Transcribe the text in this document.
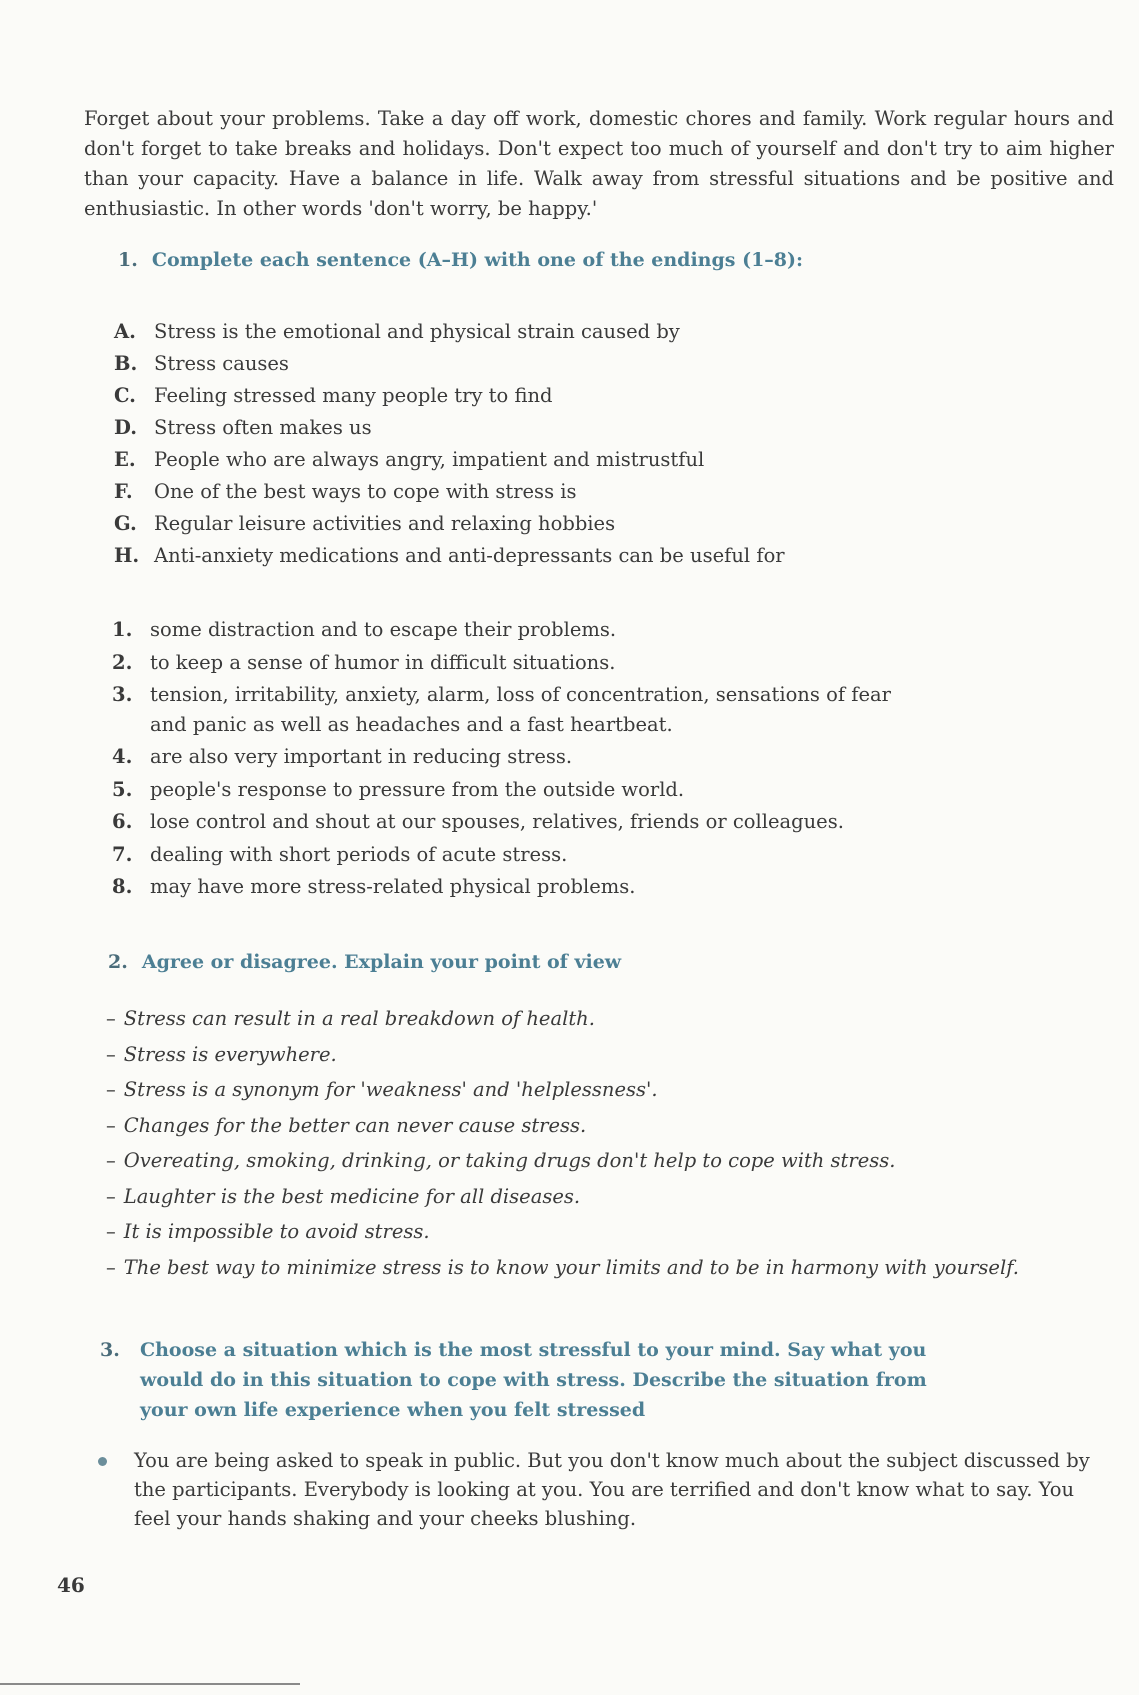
Forget about your problems. Take a day off work, domestic chores and family. Work regular hours and don't forget to take breaks and holidays. Don't expect too much of yourself and don't try to aim higher than your capacity. Have a balance in life. Walk away from stressful situations and be positive and enthusiastic. In other words 'don't worry, be happy.'

1. Complete each sentence (A–H) with one of the endings (1–8):

A. Stress is the emotional and physical strain caused by
B. Stress causes
C. Feeling stressed many people try to find
D. Stress often makes us
E. People who are always angry, impatient and mistrustful
F. One of the best ways to cope with stress is
G. Regular leisure activities and relaxing hobbies
H. Anti-anxiety medications and anti-depressants can be useful for
1. some distraction and to escape their problems.
2. to keep a sense of humor in difficult situations.
3. tension, irritability, anxiety, alarm, loss of concentration, sensations of fear
and panic as well as headaches and a fast heartbeat.
4. are also very important in reducing stress.
5. people's response to pressure from the outside world.
6. lose control and shout at our spouses, relatives, friends or colleagues.
7. dealing with short periods of acute stress.
8. may have more stress-related physical problems.

2. Agree or disagree. Explain your point of view

– Stress can result in a real breakdown of health.
– Stress is everywhere.
– Stress is a synonym for 'weakness' and 'helplessness'.
– Changes for the better can never cause stress.
– Overeating, smoking, drinking, or taking drugs don't help to cope with stress.
– Laughter is the best medicine for all diseases.
– It is impossible to avoid stress.
– The best way to minimize stress is to know your limits and to be in harmony with yourself.

3. Choose a situation which is the most stressful to your mind. Say what you would do in this situation to cope with stress. Describe the situation from your own life experience when you felt stressed

You are being asked to speak in public. But you don't know much about the subject discussed by the participants. Everybody is looking at you. You are terrified and don't know what to say. You feel your hands shaking and your cheeks blushing.

46
